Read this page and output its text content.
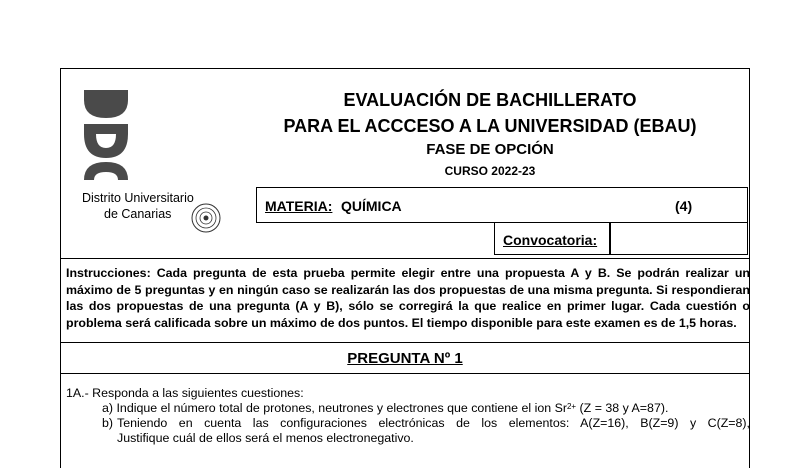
Distrito Universitario
de Canarias
EVALUACIÓN DE BACHILLERATO
PARA EL ACCCESO A LA UNIVERSIDAD (EBAU)
FASE DE OPCIÓN
CURSO 2022-23
MATERIA: QUÍMICA	(4)
Convocatoria:
Instrucciones: Cada pregunta de esta prueba permite elegir entre una propuesta A y B. Se podrán realizar un máximo de 5 preguntas y en ningún caso se realizarán las dos propuestas de una misma pregunta. Si respondieran las dos propuestas de una pregunta (A y B), sólo se corregirá la que realice en primer lugar. Cada cuestión o problema será calificada sobre un máximo de dos puntos. El tiempo disponible para este examen es de 1,5 horas.
PREGUNTA Nº 1
1A.- Responda a las siguientes cuestiones:
a) Indique el número total de protones, neutrones y electrones que contiene el ion $Sr^{2+}$ (Z = 38 y A=87).
b) Teniendo en cuenta las configuraciones electrónicas de los elementos: A(Z=16), B(Z=9) y C(Z=8),
Justifique cuál de ellos será el menos electronegativo.
